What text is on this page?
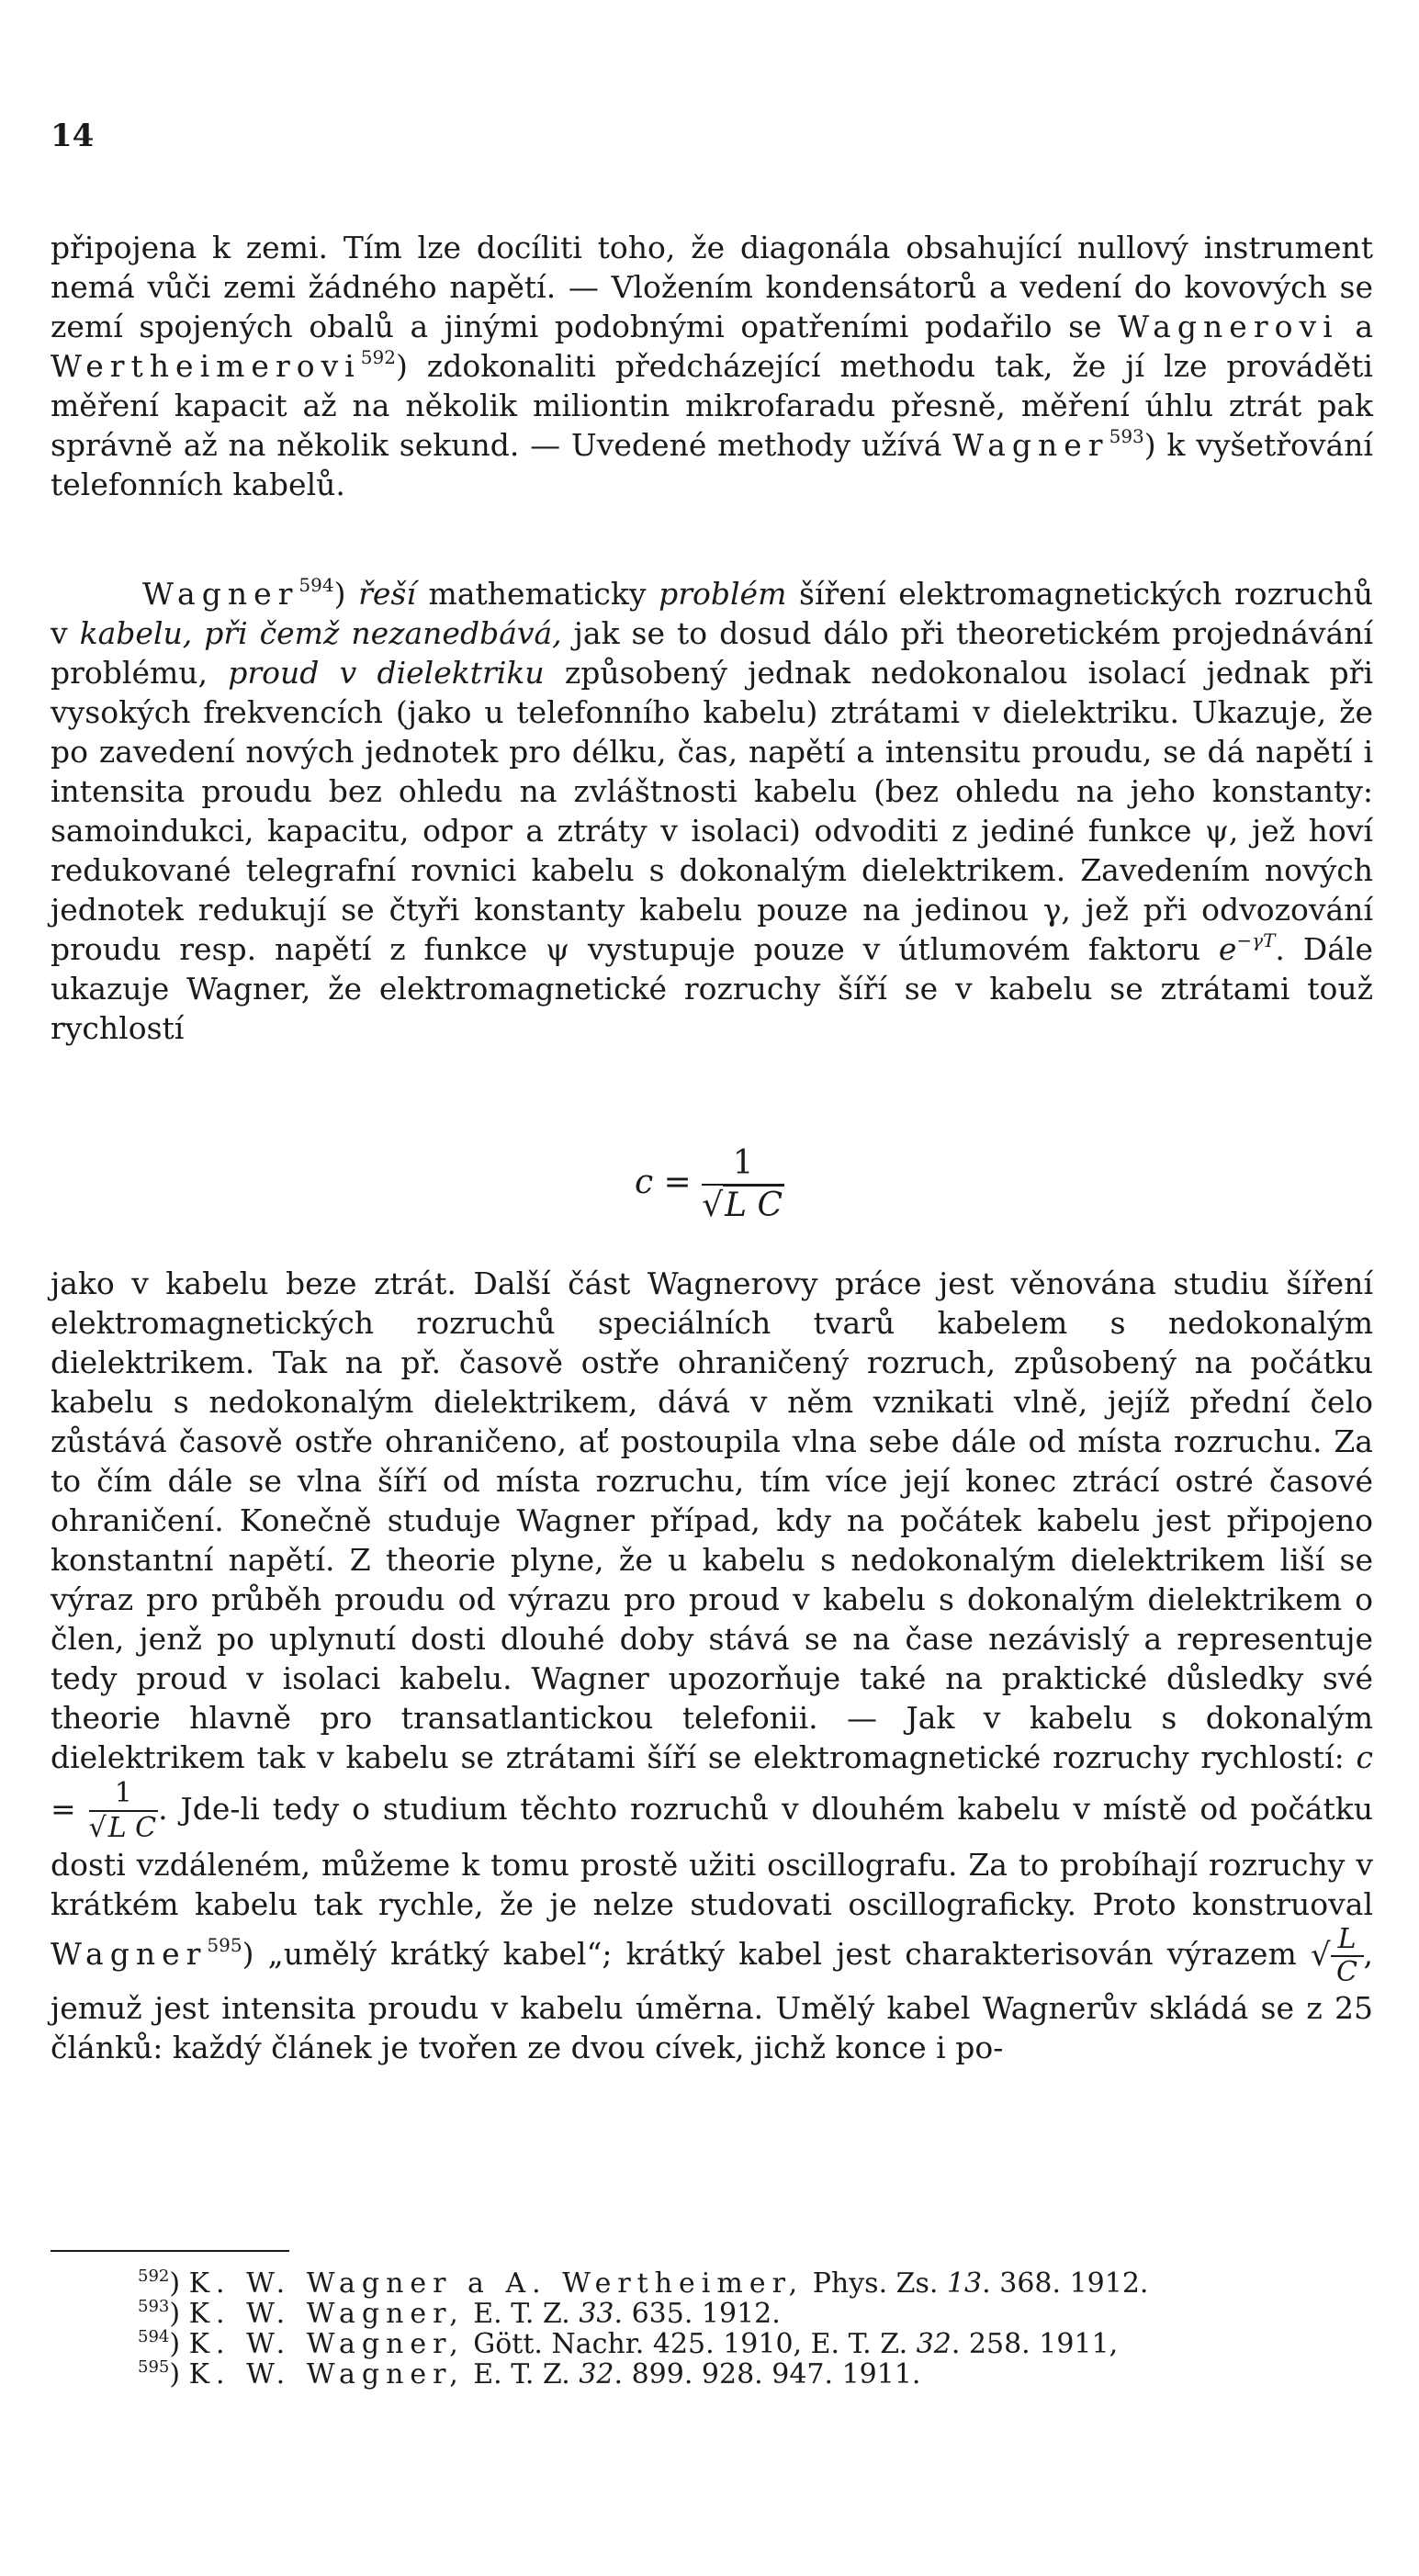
14

připojena k zemi. Tím lze docíliti toho, že diagonála obsahující nullový instrument nemá vůči zemi žádného napětí. — Vložením kondensátorů a vedení do kovových se zemí spojených obalů a jinými podobnými opatřeními podařilo se Wagnerovi a Wertheimerovi$^{592}$) zdokonaliti předcházející methodu tak, že jí lze prováděti měření kapacit až na několik miliontin mikrofaradu přesně, měření úhlu ztrát pak správně až na několik sekund. — Uvedené methody užívá Wagner$^{593}$) k vyšetřování telefonních kabelů.

Wagner$^{594}$) řeší mathematicky problém šíření elektromagnetických rozruchů v kabelu, při čemž nezanedbává, jak se to dosud dálo při theoretickém projednávání problému, proud v dielektriku způsobený jednak nedokonalou isolací jednak při vysokých frekvencích (jako u telefonního kabelu) ztrátami v dielektriku. Ukazuje, že po zavedení nových jednotek pro délku, čas, napětí a intensitu proudu, se dá napětí i intensita proudu bez ohledu na zvláštnosti kabelu (bez ohledu na jeho konstanty: samoindukci, kapacitu, odpor a ztráty v isolaci) odvoditi z jediné funkce ψ, jež hoví redukované telegrafní rovnici kabelu s dokonalým dielektrikem. Zavedením nových jednotek redukují se čtyři konstanty kabelu pouze na jedinou γ, jež při odvozování proudu resp. napětí z funkce ψ vystupuje pouze v útlumovém faktoru $e^{-\gamma T}$. Dále ukazuje Wagner, že elektromagnetické rozruchy šíří se v kabelu se ztrátami touž rychlostí

$c = \frac{1}{\text{√L C}}$

jako v kabelu beze ztrát. Další část Wagnerovy práce jest věnována studiu šíření elektromagnetických rozruchů speciálních tvarů kabelem s nedokonalým dielektrikem. Tak na př. časově ostře ohraničený rozruch, způsobený na počátku kabelu s nedokonalým dielektrikem, dává v něm vznikati vlně, jejíž přední čelo zůstává časově ostře ohraničeno, ať postoupila vlna sebe dále od místa rozruchu. Za to čím dále se vlna šíří od místa rozruchu, tím více její konec ztrácí ostré časové ohraničení. Konečně studuje Wagner případ, kdy na počátek kabelu jest připojeno konstantní napětí. Z theorie plyne, že u kabelu s nedokonalým dielektrikem liší se výraz pro průběh proudu od výrazu pro proud v kabelu s dokonalým dielektrikem o člen, jenž po uplynutí dosti dlouhé doby stává se na čase nezávislý a representuje tedy proud v isolaci kabelu. Wagner upozorňuje také na praktické důsledky své theorie hlavně pro transatlantickou telefonii. — Jak v kabelu s dokonalým dielektrikem tak v kabelu se ztrátami šíří se elektromagnetické rozruchy rychlostí: $c = \frac{1}{\text{√L C}}$ . Jde-li tedy o studium těchto rozruchů v dlouhém kabelu v místě od počátku dosti vzdáleném, můžeme k tomu prostě užiti oscillografu. Za to probíhají rozruchy v krátkém kabelu tak rychle, že je nelze studovati oscillograficky. Proto konstruoval Wagner$^{595}$) „umělý krátký kabel“; krátký kabel jest charakterisován výrazem √ $\frac{L}{C}$ , jemuž jest intensita proudu v kabelu úměrna. Umělý kabel Wagnerův skládá se z 25 článků: každý článek je tvořen ze dvou cívek, jichž konce i po-

$^{592}$) K. W. Wagner a A. Wertheimer, Phys. Zs. 13. 368. 1912.
$^{593}$) K. W. Wagner, E. T. Z. 33. 635. 1912.
$^{594}$) K. W. Wagner, Gött. Nachr. 425. 1910, E. T. Z. 32. 258. 1911,
$^{595}$) K. W. Wagner, E. T. Z. 32. 899. 928. 947. 1911.
